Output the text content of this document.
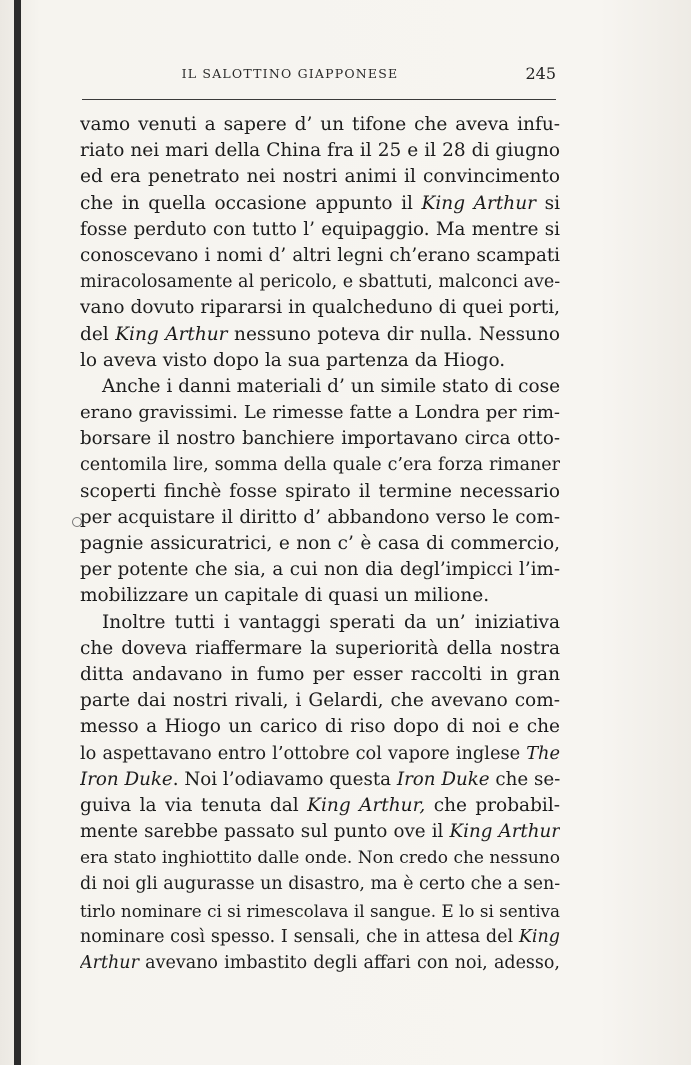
IL SALOTTINO GIAPPONESE	245
vamo venuti a sapere d’ un tifone che aveva infu-
riato nei mari della China fra il 25 e il 28 di giugno
ed era penetrato nei nostri animi il convincimento
che in quella occasione appunto il King Arthur si
fosse perduto con tutto l’ equipaggio. Ma mentre si
conoscevano i nomi d’ altri legni ch’erano scampati
miracolosamente al pericolo, e sbattuti, malconci ave-
vano dovuto ripararsi in qualcheduno di quei porti,
del King Arthur nessuno poteva dir nulla. Nessuno
lo aveva visto dopo la sua partenza da Hiogo.
Anche i danni materiali d’ un simile stato di cose
erano gravissimi. Le rimesse fatte a Londra per rim-
borsare il nostro banchiere importavano circa otto-
centomila lire, somma della quale c’era forza rimaner
scoperti finchè fosse spirato il termine necessario
per acquistare il diritto d’ abbandono verso le com-
pagnie assicuratrici, e non c’ è casa di commercio,
per potente che sia, a cui non dia degl’impicci l’im-
mobilizzare un capitale di quasi un milione.
Inoltre tutti i vantaggi sperati da un’ iniziativa
che doveva riaffermare la superiorità della nostra
ditta andavano in fumo per esser raccolti in gran
parte dai nostri rivali, i Gelardi, che avevano com-
messo a Hiogo un carico di riso dopo di noi e che
lo aspettavano entro l’ottobre col vapore inglese The
Iron Duke. Noi l’odiavamo questa Iron Duke che se-
guiva la via tenuta dal King Arthur, che probabil-
mente sarebbe passato sul punto ove il King Arthur
era stato inghiottito dalle onde. Non credo che nessuno
di noi gli augurasse un disastro, ma è certo che a sen-
tirlo nominare ci si rimescolava il sangue. E lo si sentiva
nominare così spesso. I sensali, che in attesa del King
Arthur avevano imbastito degli affari con noi, adesso,
